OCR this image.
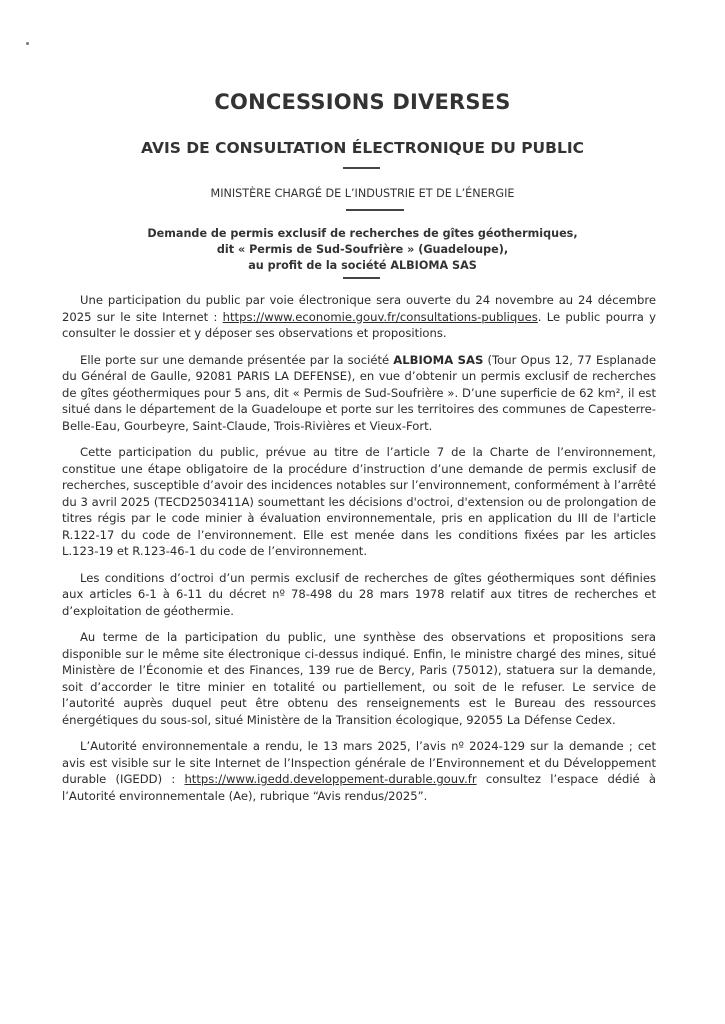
CONCESSIONS DIVERSES
AVIS DE CONSULTATION ÉLECTRONIQUE DU PUBLIC
MINISTÈRE CHARGÉ DE L’INDUSTRIE ET DE L’ÉNERGIE
Demande de permis exclusif de recherches de gîtes géothermiques,
dit « Permis de Sud-Soufrière » (Guadeloupe),
au profit de la société ALBIOMA SAS

Une participation du public par voie électronique sera ouverte du 24 novembre au 24 décembre 2025 sur le site Internet : https://www.economie.gouv.fr/consultations-publiques. Le public pourra y consulter le dossier et y déposer ses observations et propositions.

Elle porte sur une demande présentée par la société ALBIOMA SAS (Tour Opus 12, 77 Esplanade du Général de Gaulle, 92081 PARIS LA DEFENSE), en vue d’obtenir un permis exclusif de recherches de gîtes géothermiques pour 5 ans, dit « Permis de Sud-Soufrière ». D’une superficie de 62 km², il est situé dans le département de la Guadeloupe et porte sur les territoires des communes de Capesterre-Belle-Eau, Gourbeyre, Saint-Claude, Trois-Rivières et Vieux-Fort.

Cette participation du public, prévue au titre de l’article 7 de la Charte de l’environnement, constitue une étape obligatoire de la procédure d’instruction d’une demande de permis exclusif de recherches, susceptible d’avoir des incidences notables sur l’environnement, conformément à l’arrêté du 3 avril 2025 (TECD2503411A) soumettant les décisions d'octroi, d'extension ou de prolongation de titres régis par le code minier à évaluation environnementale, pris en application du III de l'article R.122-17 du code de l’environnement. Elle est menée dans les conditions fixées par les articles L.123-19 et R.123-46-1 du code de l’environnement.

Les conditions d’octroi d’un permis exclusif de recherches de gîtes géothermiques sont définies aux articles 6-1 à 6-11 du décret nº 78-498 du 28 mars 1978 relatif aux titres de recherches et d’exploitation de géothermie.

Au terme de la participation du public, une synthèse des observations et propositions sera disponible sur le même site électronique ci-dessus indiqué. Enfin, le ministre chargé des mines, situé Ministère de l’Économie et des Finances, 139 rue de Bercy, Paris (75012), statuera sur la demande, soit d’accorder le titre minier en totalité ou partiellement, ou soit de le refuser. Le service de l’autorité auprès duquel peut être obtenu des renseignements est le Bureau des ressources énergétiques du sous-sol, situé Ministère de la Transition écologique, 92055 La Défense Cedex.

L’Autorité environnementale a rendu, le 13 mars 2025, l’avis nº 2024-129 sur la demande ; cet avis est visible sur le site Internet de l’Inspection générale de l’Environnement et du Développement durable (IGEDD) : https://www.igedd.developpement-durable.gouv.fr consultez l’espace dédié à l’Autorité environnementale (Ae), rubrique “Avis rendus/2025”.
